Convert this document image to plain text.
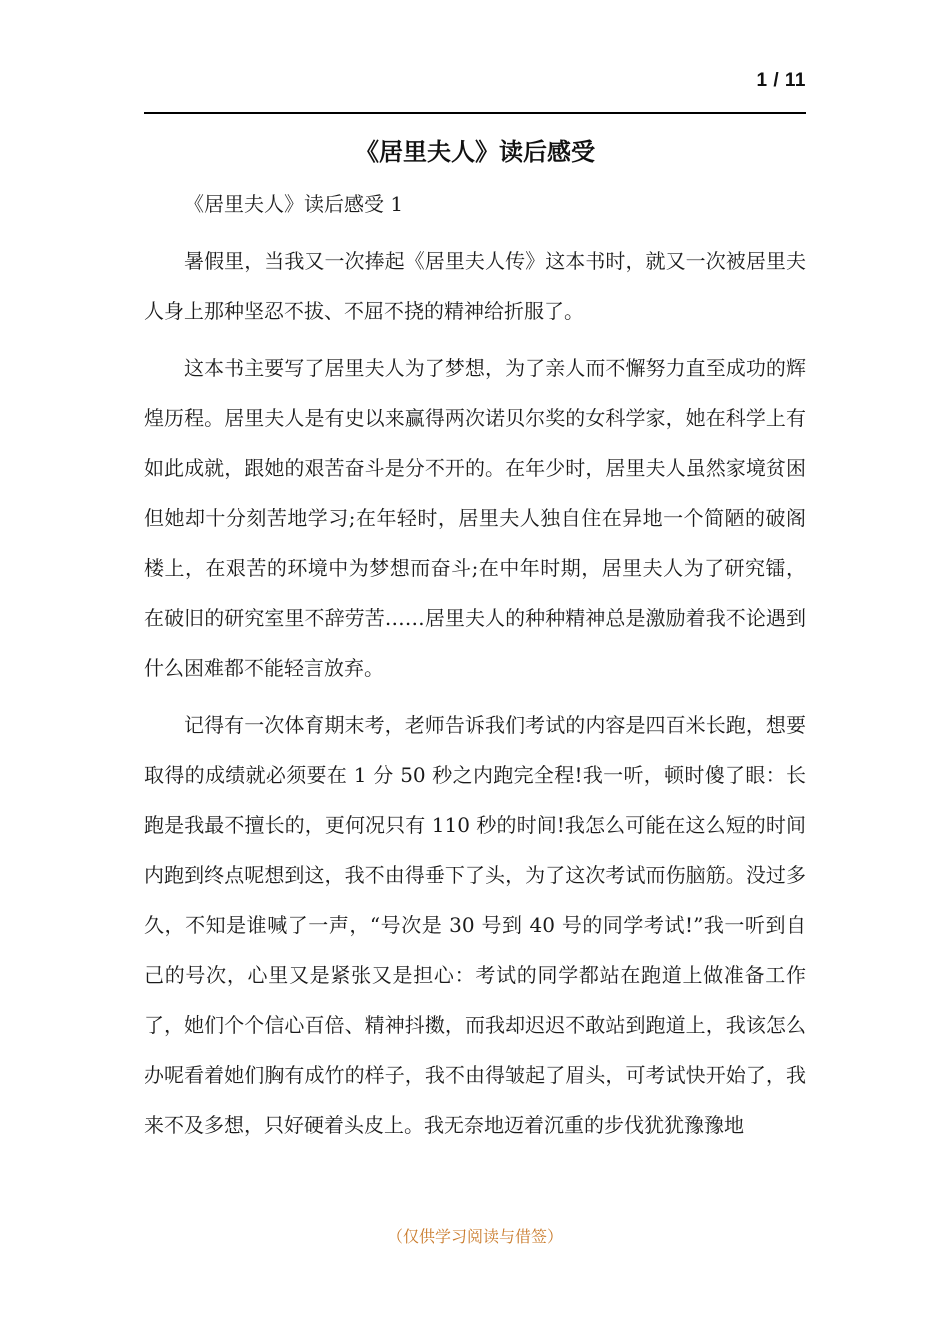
1 / 11
《居里夫人》读后感受

《居里夫人》读后感受 1

暑假里，当我又一次捧起《居里夫人传》这本书时，就又一次被居里夫人身上那种坚忍不拔、不屈不挠的精神给折服了。

这本书主要写了居里夫人为了梦想，为了亲人而不懈努力直至成功的辉煌历程。居里夫人是有史以来赢得两次诺贝尔奖的女科学家，她在科学上有如此成就，跟她的艰苦奋斗是分不开的。在年少时，居里夫人虽然家境贫困但她却十分刻苦地学习;在年轻时，居里夫人独自住在异地一个简陋的破阁楼上，在艰苦的环境中为梦想而奋斗;在中年时期，居里夫人为了研究镭，在破旧的研究室里不辞劳苦……居里夫人的种种精神总是激励着我不论遇到什么困难都不能轻言放弃。

记得有一次体育期末考，老师告诉我们考试的内容是四百米长跑，想要取得的成绩就必须要在 1 分 50 秒之内跑完全程!我一听，顿时傻了眼：长跑是我最不擅长的，更何况只有 110 秒的时间!我怎么可能在这么短的时间内跑到终点呢想到这，我不由得垂下了头，为了这次考试而伤脑筋。没过多久，不知是谁喊了一声，“号次是 30 号到 40 号的同学考试!”我一听到自己的号次，心里又是紧张又是担心：考试的同学都站在跑道上做准备工作了，她们个个信心百倍、精神抖擞，而我却迟迟不敢站到跑道上，我该怎么办呢看着她们胸有成竹的样子，我不由得皱起了眉头，可考试快开始了，我来不及多想，只好硬着头皮上。我无奈地迈着沉重的步伐犹犹豫豫地

（仅供学习阅读与借签）
